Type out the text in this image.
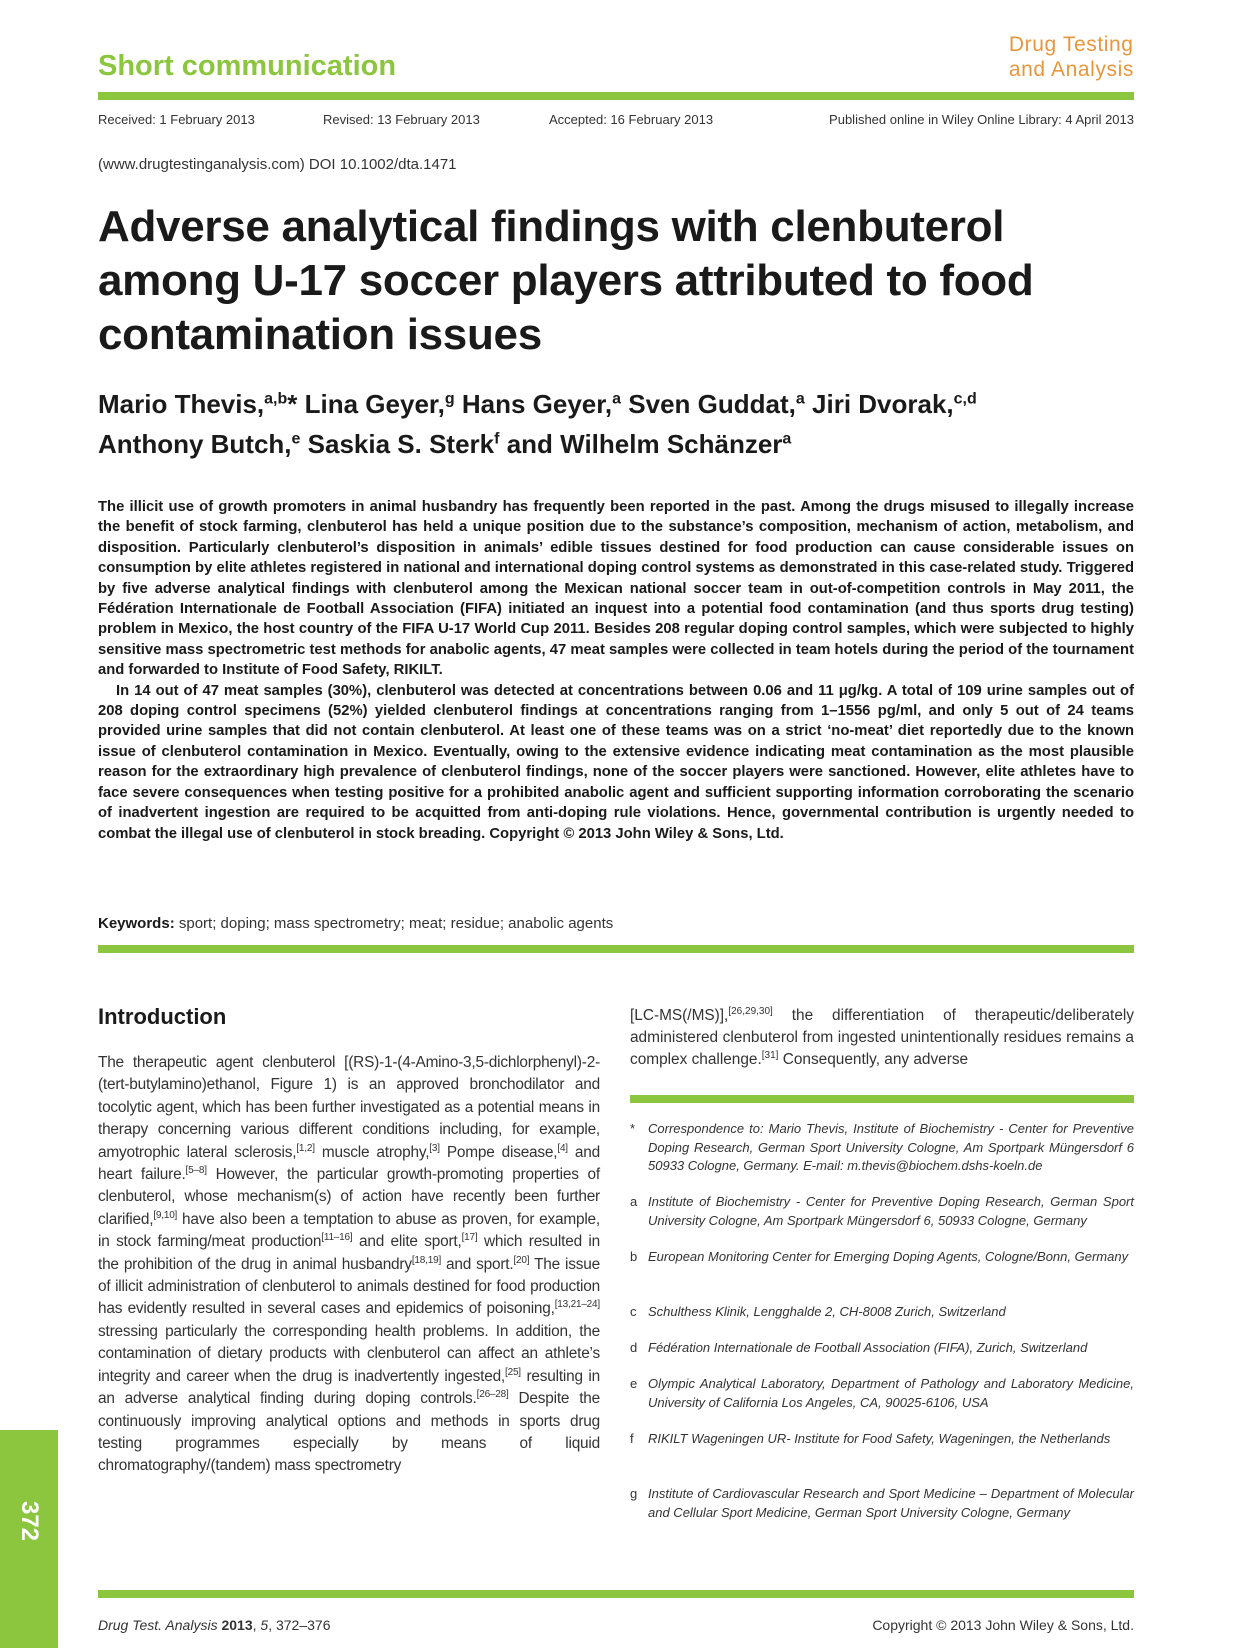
Short communication
Drug Testing
and Analysis
Received: 1 February 2013	Revised: 13 February 2013	Accepted: 16 February 2013	Published online in Wiley Online Library: 4 April 2013
(www.drugtestinganalysis.com) DOI 10.1002/dta.1471
Adverse analytical findings with clenbuterol among U-17 soccer players attributed to food contamination issues
Mario Thevis,$^{a,b}$* Lina Geyer,$^g$ Hans Geyer,$^a$ Sven Guddat,$^a$ Jiri Dvorak,$^{c,d}$
Anthony Butch,$^e$ Saskia S. Sterk$^f$ and Wilhelm Schänzer$^a$

The illicit use of growth promoters in animal husbandry has frequently been reported in the past. Among the drugs misused to illegally increase the benefit of stock farming, clenbuterol has held a unique position due to the substance’s composition, mechanism of action, metabolism, and disposition. Particularly clenbuterol’s disposition in animals’ edible tissues destined for food production can cause considerable issues on consumption by elite athletes registered in national and international doping control systems as demonstrated in this case-related study. Triggered by five adverse analytical findings with clenbuterol among the Mexican national soccer team in out-of-competition controls in May 2011, the Fédération Internationale de Football Association (FIFA) initiated an inquest into a potential food contamination (and thus sports drug testing) problem in Mexico, the host country of the FIFA U-17 World Cup 2011. Besides 208 regular doping control samples, which were subjected to highly sensitive mass spectrometric test methods for anabolic agents, 47 meat samples were collected in team hotels during the period of the tournament and forwarded to Institute of Food Safety, RIKILT.

In 14 out of 47 meat samples (30%), clenbuterol was detected at concentrations between 0.06 and 11 μg/kg. A total of 109 urine samples out of 208 doping control specimens (52%) yielded clenbuterol findings at concentrations ranging from 1–1556 pg/ml, and only 5 out of 24 teams provided urine samples that did not contain clenbuterol. At least one of these teams was on a strict ‘no-meat’ diet reportedly due to the known issue of clenbuterol contamination in Mexico. Eventually, owing to the extensive evidence indicating meat contamination as the most plausible reason for the extraordinary high prevalence of clenbuterol findings, none of the soccer players were sanctioned. However, elite athletes have to face severe consequences when testing positive for a prohibited anabolic agent and sufficient supporting information corroborating the scenario of inadvertent ingestion are required to be acquitted from anti-doping rule violations. Hence, governmental contribution is urgently needed to combat the illegal use of clenbuterol in stock breading. Copyright © 2013 John Wiley & Sons, Ltd.

Keywords: sport; doping; mass spectrometry; meat; residue; anabolic agents
Introduction

The therapeutic agent clenbuterol [(RS)-1-(4-Amino-3,5-dichlorphenyl)-2-(tert-butylamino)ethanol, Figure 1) is an approved bronchodilator and tocolytic agent, which has been further investigated as a potential means in therapy concerning various different conditions including, for example, amyotrophic lateral sclerosis,[1,2] muscle atrophy,[3] Pompe disease,[4] and heart failure.[5–8] However, the particular growth-promoting properties of clenbuterol, whose mechanism(s) of action have recently been further clarified,[9,10] have also been a temptation to abuse as proven, for example, in stock farming/meat production[11–16] and elite sport,[17] which resulted in the prohibition of the drug in animal husbandry[18,19] and sport.[20] The issue of illicit administration of clenbuterol to animals destined for food production has evidently resulted in several cases and epidemics of poisoning,[13,21–24] stressing particularly the corresponding health problems. In addition, the contamination of dietary products with clenbuterol can affect an athlete’s integrity and career when the drug is inadvertently ingested,[25] resulting in an adverse analytical finding during doping controls.[26–28] Despite the continuously improving analytical options and methods in sports drug testing programmes especially by means of liquid chromatography/(tandem) mass spectrometry

[LC-MS(/MS)],[26,29,30] the differentiation of therapeutic/deliberately administered clenbuterol from ingested unintentionally residues remains a complex challenge.[31] Consequently, any adverse

* Correspondence to: Mario Thevis, Institute of Biochemistry - Center for Preventive Doping Research, German Sport University Cologne, Am Sportpark Müngersdorf 6 50933 Cologne, Germany. E-mail: m.thevis@biochem.dshs-koeln.de
a Institute of Biochemistry - Center for Preventive Doping Research, German Sport University Cologne, Am Sportpark Müngersdorf 6, 50933 Cologne, Germany
b European Monitoring Center for Emerging Doping Agents, Cologne/Bonn, Germany
c Schulthess Klinik, Lengghalde 2, CH-8008 Zurich, Switzerland
d Fédération Internationale de Football Association (FIFA), Zurich, Switzerland
e Olympic Analytical Laboratory, Department of Pathology and Laboratory Medicine, University of California Los Angeles, CA, 90025-6106, USA
f RIKILT Wageningen UR- Institute for Food Safety, Wageningen, the Netherlands
g Institute of Cardiovascular Research and Sport Medicine – Department of Molecular and Cellular Sport Medicine, German Sport University Cologne, Germany
372
Drug Test. Analysis 2013, 5, 372–376	Copyright © 2013 John Wiley & Sons, Ltd.
